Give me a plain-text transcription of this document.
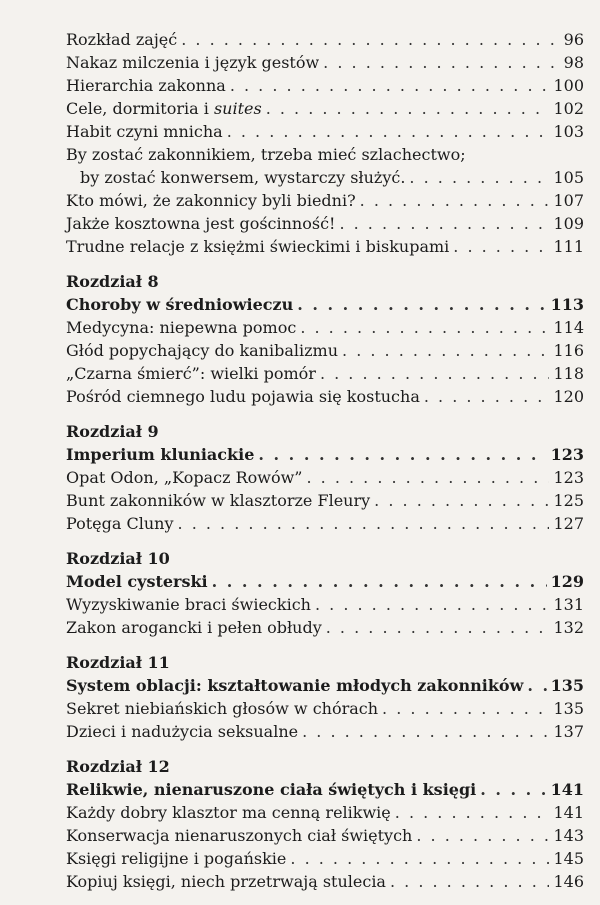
Rozkład zajęć . . .	96
Nakaz milczenia i język gestów . . .	98
Hierarchia zakonna . . .	100
Cele, dormitoria i suites . . .	102
Habit czyni mnicha . . .	103
By zostać zakonnikiem, trzeba mieć szlachectwo;
by zostać konwersem, wystarczy służyć. . . .	105
Kto mówi, że zakonnicy byli biedni? . . .	107
Jakże kosztowna jest gościnność! . . .	109
Trudne relacje z księżmi świeckimi i biskupami . . .	111
Rozdział 8
Choroby w średniowieczu . . .	113
Medycyna: niepewna pomoc . . .	114
Głód popychający do kanibalizmu . . .	116
„Czarna śmierć”: wielki pomór . . .	118
Pośród ciemnego ludu pojawia się kostucha . . .	120
Rozdział 9
Imperium kluniackie . . .	123
Opat Odon, „Kopacz Rowów” . . .	123
Bunt zakonników w klasztorze Fleury . . .	125
Potęga Cluny . . .	127
Rozdział 10
Model cysterski . . .	129
Wyzyskiwanie braci świeckich . . .	131
Zakon arogancki i pełen obłudy . . .	132
Rozdział 11
System oblacji: kształtowanie młodych zakonników . . . 135
Sekret niebiańskich głosów w chórach . . .	135
Dzieci i nadużycia seksualne . . .	137
Rozdział 12
Relikwie, nienaruszone ciała świętych i księgi . . .	141
Każdy dobry klasztor ma cenną relikwię . . .	141
Konserwacja nienaruszonych ciał świętych . . .	143
Księgi religijne i pogańskie . . .	145
Kopiuj księgi, niech przetrwają stulecia . . .	146
